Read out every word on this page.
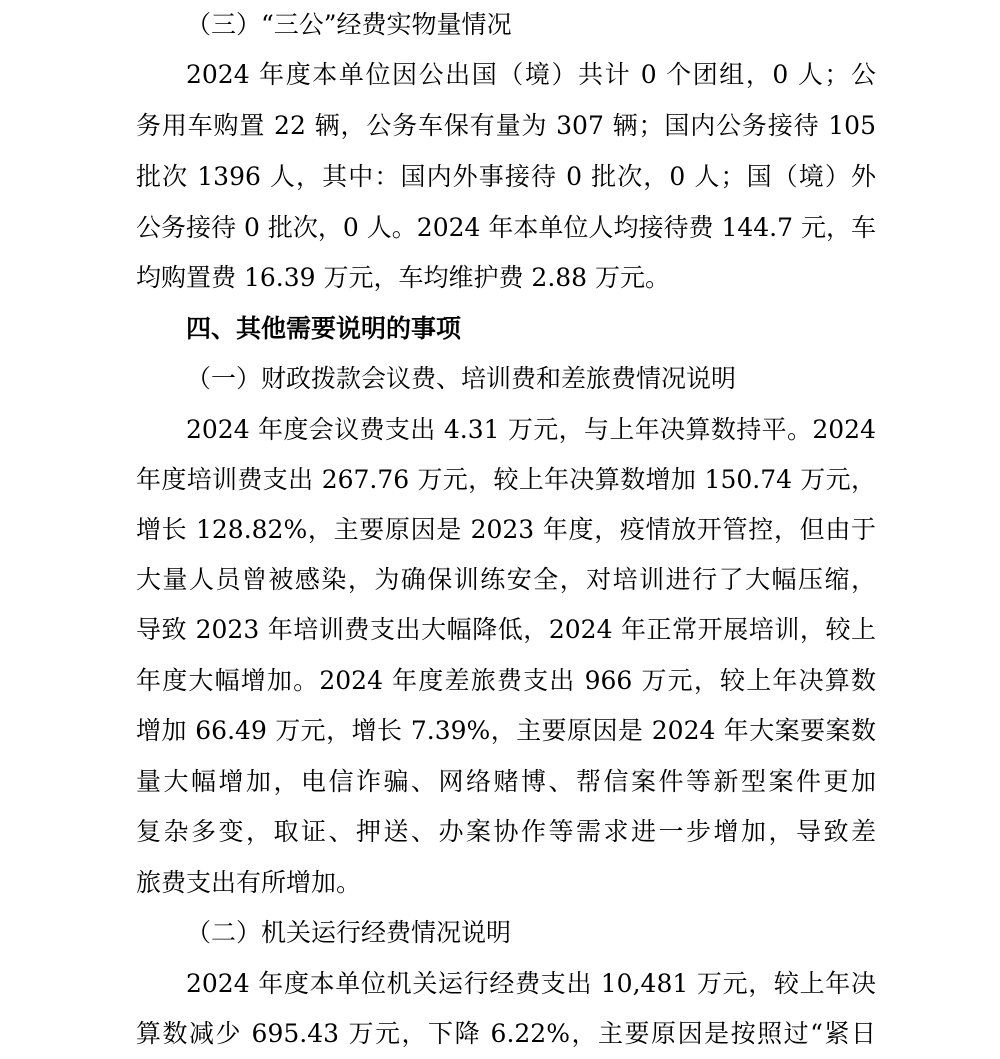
（三）“三公”经费实物量情况
2024 年度本单位因公出国（境）共计 0 个团组，0 人；公
务用车购置 22 辆，公务车保有量为 307 辆；国内公务接待 105
批次 1396 人，其中：国内外事接待 0 批次，0 人；国（境）外
公务接待 0 批次，0 人。2024 年本单位人均接待费 144.7 元，车
均购置费 16.39 万元，车均维护费 2.88 万元。
四、其他需要说明的事项
（一）财政拨款会议费、培训费和差旅费情况说明
2024 年度会议费支出 4.31 万元，与上年决算数持平。2024
年度培训费支出 267.76 万元，较上年决算数增加 150.74 万元，
增长 128.82%，主要原因是 2023 年度，疫情放开管控，但由于
大量人员曾被感染，为确保训练安全，对培训进行了大幅压缩，
导致 2023 年培训费支出大幅降低，2024 年正常开展培训，较上
年度大幅增加。2024 年度差旅费支出 966 万元，较上年决算数
增加 66.49 万元，增长 7.39%，主要原因是 2024 年大案要案数
量大幅增加，电信诈骗、网络赌博、帮信案件等新型案件更加
复杂多变，取证、押送、办案协作等需求进一步增加，导致差
旅费支出有所增加。
（二）机关运行经费情况说明
2024 年度本单位机关运行经费支出 10,481 万元，较上年决
算数减少 695.43 万元，下降 6.22%，主要原因是按照过“紧日
